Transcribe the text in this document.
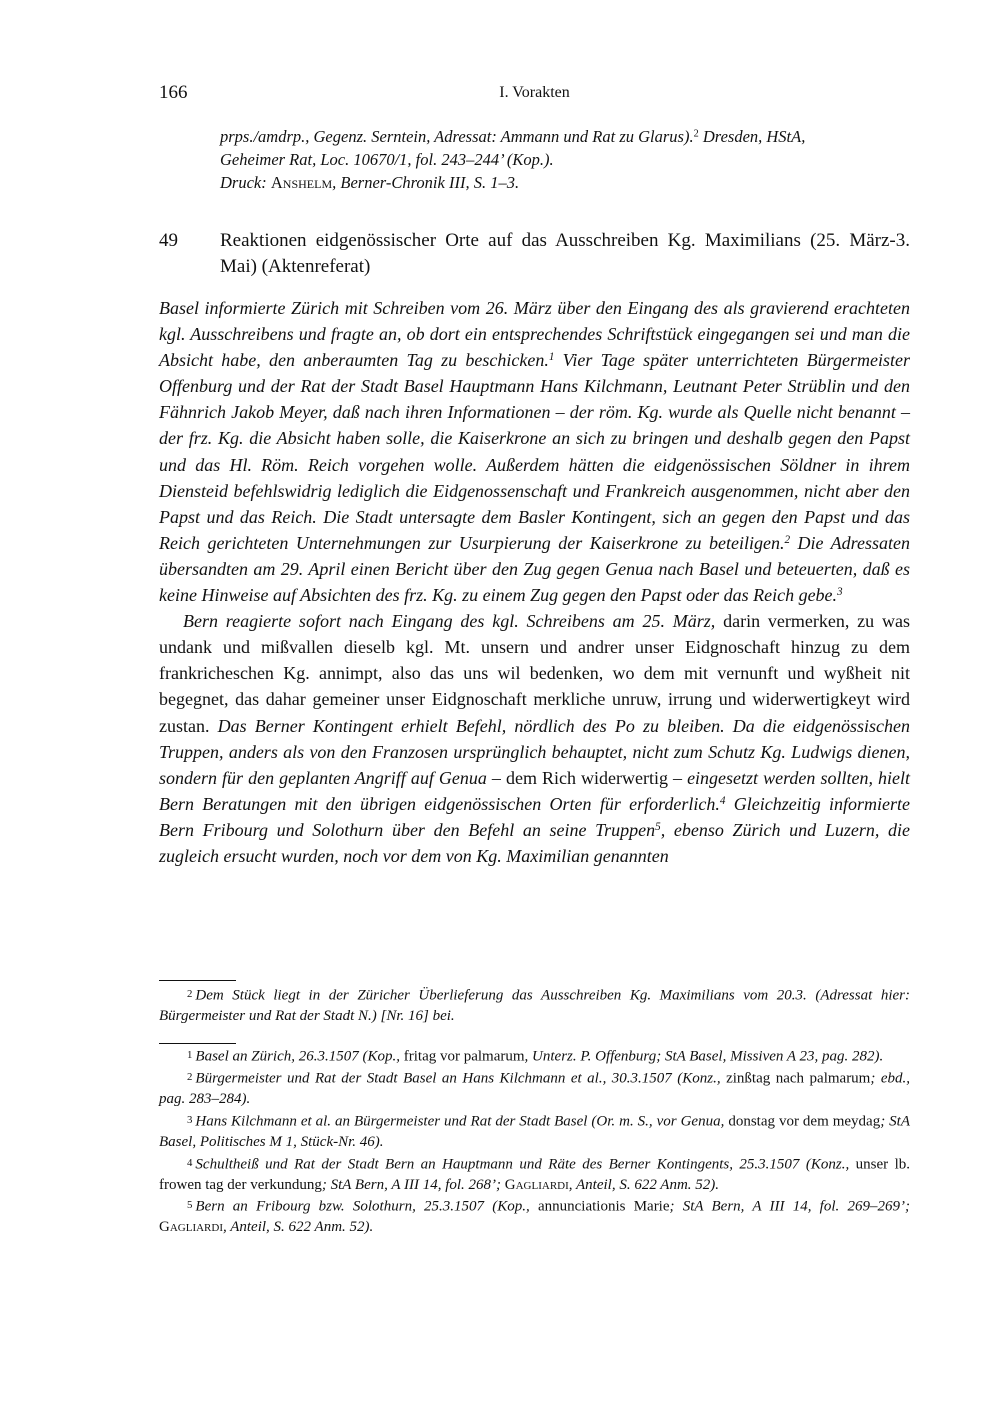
166	I. Vorakten
prps./amdrp., Gegenz. Serntein, Adressat: Ammann und Rat zu Glarus).$^2$ Dresden, HStA,
Geheimer Rat, Loc. 10670/1, fol. 243–244’ (Kop.).
Druck: Anshelm, Berner-Chronik III, S. 1–3.
49 Reaktionen eidgenössischer Orte auf das Ausschreiben Kg. Maximilians (25. März-3. Mai) (Aktenreferat)

Basel informierte Zürich mit Schreiben vom 26. März über den Eingang des als gravierend erachteten kgl. Ausschreibens und fragte an, ob dort ein entsprechendes Schriftstück eingegangen sei und man die Absicht habe, den anberaumten Tag zu beschicken.$^1$ Vier Tage später unterrichteten Bürgermeister Offenburg und der Rat der Stadt Basel Hauptmann Hans Kilchmann, Leutnant Peter Strüblin und den Fähnrich Jakob Meyer, daß nach ihren Informationen – der röm. Kg. wurde als Quelle nicht benannt –der frz. Kg. die Absicht haben solle, die Kaiserkrone an sich zu bringen und deshalb gegen den Papst und das Hl. Röm. Reich vorgehen wolle. Außerdem hätten die eidgenössischen Söldner in ihrem Diensteid befehlswidrig lediglich die Eidgenossenschaft und Frankreich ausgenommen, nicht aber den Papst und das Reich. Die Stadt untersagte dem Basler Kontingent, sich an gegen den Papst und das Reich gerichteten Unternehmungen zur Usurpierung der Kaiserkrone zu beteiligen.$^2$ Die Adressaten übersandten am 29. April einen Bericht über den Zug gegen Genua nach Basel und beteuerten, daß es keine Hinweise auf Absichten des frz. Kg. zu einem Zug gegen den Papst oder das Reich gebe.$^3$

Bern reagierte sofort nach Eingang des kgl. Schreibens am 25. März, darin vermerken, zu was undank und mißvallen dieselb kgl. Mt. unsern und andrer unser Eidgnoschaft hinzug zu dem frankricheschen Kg. annimpt, also das uns wil bedenken, wo dem mit vernunft und wyßheit nit begegnet, das dahar gemeiner unser Eidgnoschaft merkliche unruw, irrung und widerwertigkeyt wird zustan. Das Berner Kontingent erhielt Befehl, nördlich des Po zu bleiben. Da die eidgenössischen Truppen, anders als von den Franzosen ursprünglich behauptet, nicht zum Schutz Kg. Ludwigs dienen, sondern für den geplanten Angriff auf Genua – dem Rich widerwertig – eingesetzt werden sollten, hielt Bern Beratungen mit den übrigen eidgenössischen Orten für erforderlich.$^4$ Gleichzeitig informierte Bern Fribourg und Solothurn über den Befehl an seine Truppen$^5$, ebenso Zürich und Luzern, die zugleich ersucht wurden, noch vor dem von Kg. Maximilian genannten

2 Dem Stück liegt in der Züricher Überlieferung das Ausschreiben Kg. Maximilians vom 20.3. (Adressat hier: Bürgermeister und Rat der Stadt N.) [Nr. 16] bei.

1 Basel an Zürich, 26.3.1507 (Kop., fritag vor palmarum, Unterz. P. Offenburg; StA Basel, Missiven A 23, pag. 282).

2 Bürgermeister und Rat der Stadt Basel an Hans Kilchmann et al., 30.3.1507 (Konz., zinßtag nach palmarum; ebd., pag. 283–284).

3 Hans Kilchmann et al. an Bürgermeister und Rat der Stadt Basel (Or. m. S., vor Genua, donstag vor dem meydag; StA Basel, Politisches M 1, Stück-Nr. 46).

4 Schultheiß und Rat der Stadt Bern an Hauptmann und Räte des Berner Kontingents, 25.3.1507 (Konz., unser lb. frowen tag der verkundung; StA Bern, A III 14, fol. 268’; Gagliardi, Anteil, S. 622 Anm. 52).

5 Bern an Fribourg bzw. Solothurn, 25.3.1507 (Kop., annunciationis Marie; StA Bern, A III 14, fol. 269–269’; Gagliardi, Anteil, S. 622 Anm. 52).
